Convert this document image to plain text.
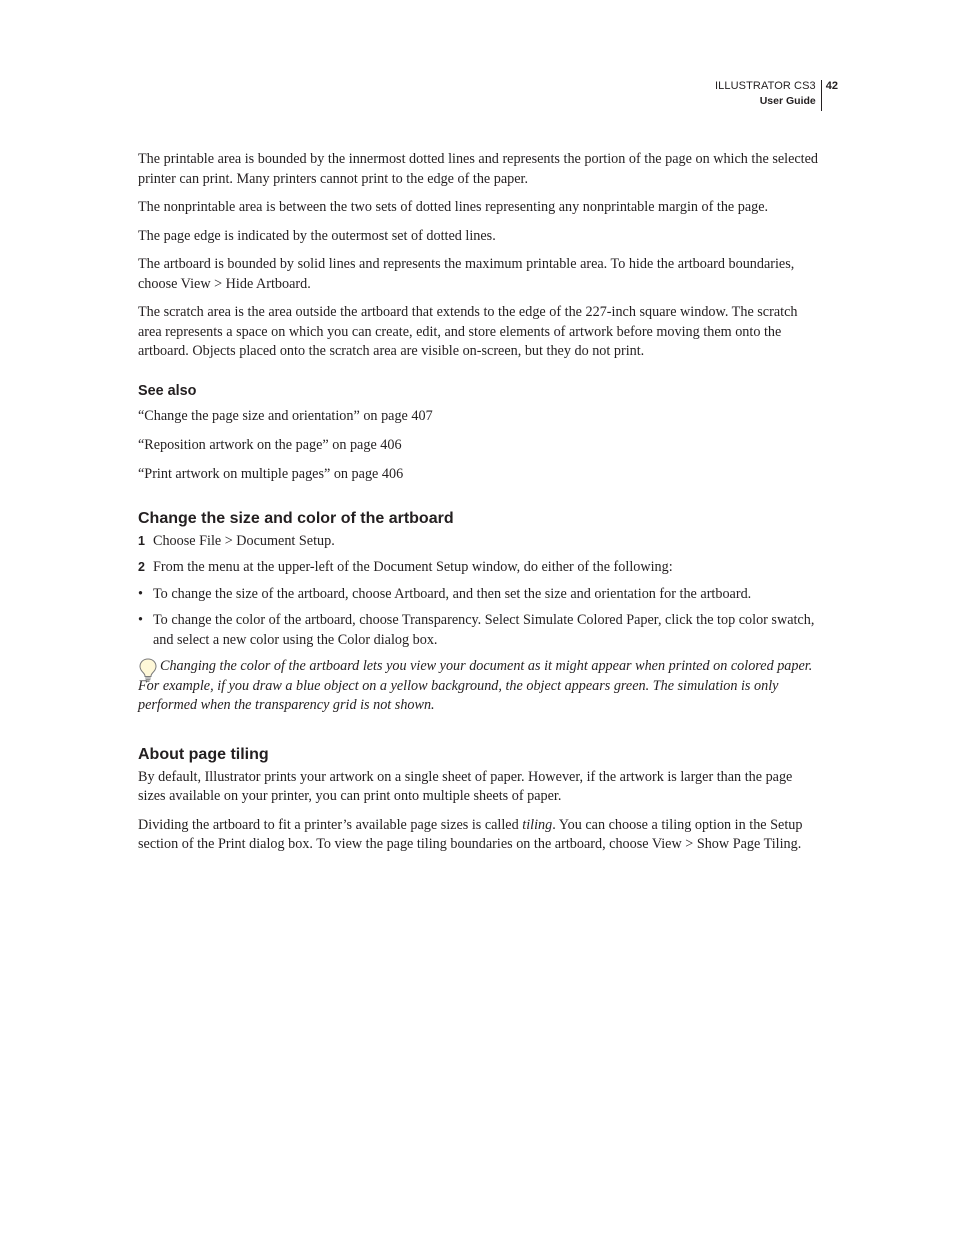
ILLUSTRATOR CS3
User Guide
42

The printable area is bounded by the innermost dotted lines and represents the portion of the page on which the selected printer can print. Many printers cannot print to the edge of the paper.

The nonprintable area is between the two sets of dotted lines representing any nonprintable margin of the page.

The page edge is indicated by the outermost set of dotted lines.

The artboard is bounded by solid lines and represents the maximum printable area. To hide the artboard boundaries, choose View > Hide Artboard.

The scratch area is the area outside the artboard that extends to the edge of the 227-inch square window. The scratch area represents a space on which you can create, edit, and store elements of artwork before moving them onto the artboard. Objects placed onto the scratch area are visible on-screen, but they do not print.

See also
“Change the page size and orientation” on page 407
“Reposition artwork on the page” on page 406
“Print artwork on multiple pages” on page 406
Change the size and color of the artboard
1 Choose File > Document Setup.
2 From the menu at the upper-left of the Document Setup window, do either of the following:
• To change the size of the artboard, choose Artboard, and then set the size and orientation for the artboard.
• To change the color of the artboard, choose Transparency. Select Simulate Colored Paper, click the top color swatch, and select a new color using the Color dialog box.
Changing the color of the artboard lets you view your document as it might appear when printed on colored paper. For example, if you draw a blue object on a yellow background, the object appears green. The simulation is only performed when the transparency grid is not shown.
About page tiling

By default, Illustrator prints your artwork on a single sheet of paper. However, if the artwork is larger than the page sizes available on your printer, you can print onto multiple sheets of paper.

Dividing the artboard to fit a printer’s available page sizes is called tiling. You can choose a tiling option in the Setup section of the Print dialog box. To view the page tiling boundaries on the artboard, choose View > Show Page Tiling.
